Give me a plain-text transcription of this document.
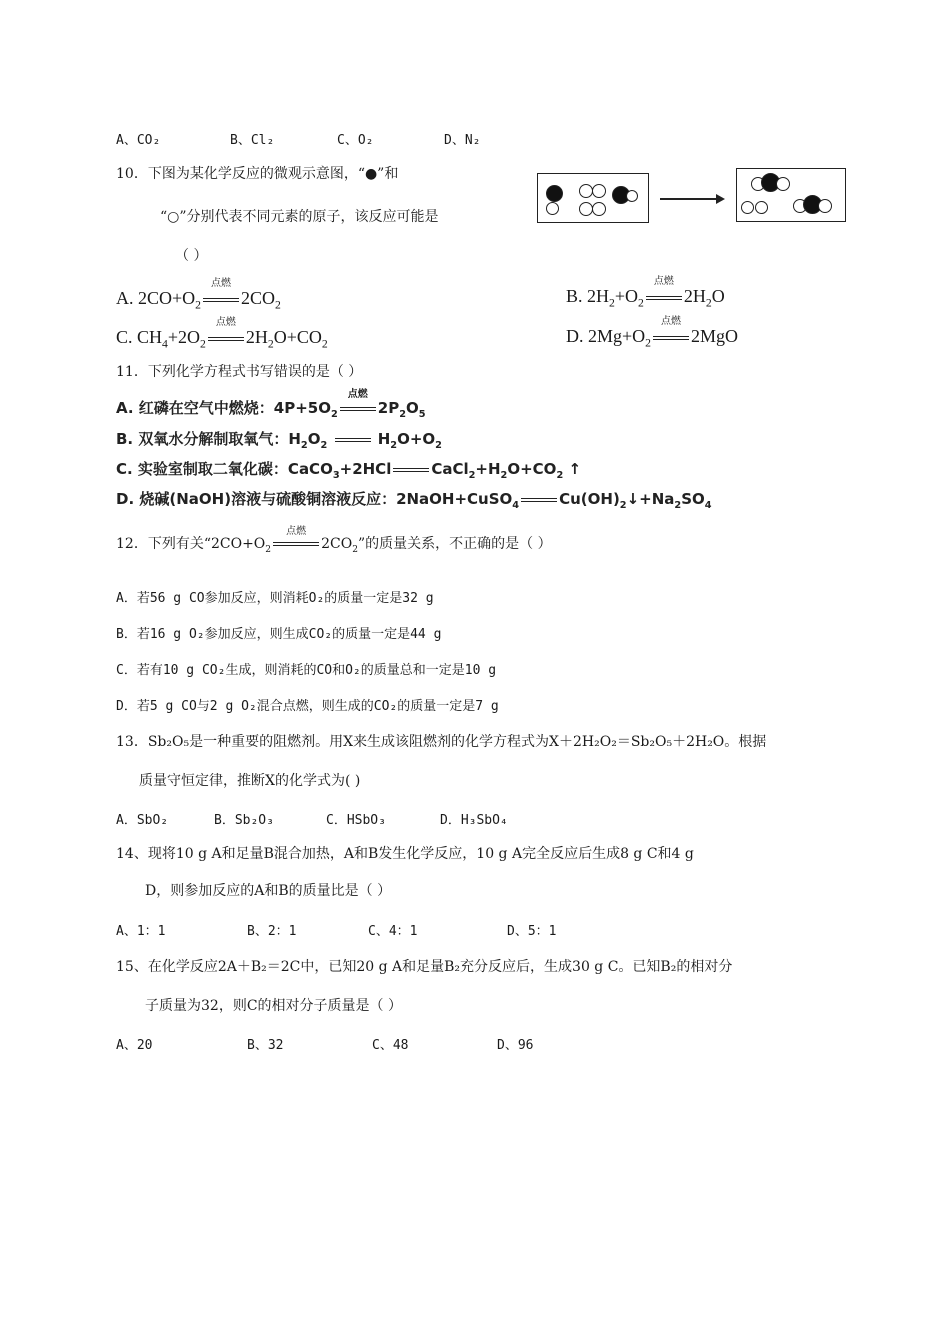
A、CO₂	B、Cl₂	C、O₂	D、N₂
10．下图为某化学反应的微观示意图，“●”和
“○”分别代表不同元素的原子，该反应可能是
（ ）
A. $2CO+O_2$
点燃
$2CO_2$	B. $2H_2+O_2$
点燃
$2H_2O$
C. $CH_4+2O_2$
点燃
$2H_2O+CO_2$	D. $2Mg+O_2$
点燃
2MgO
11．下列化学方程式书写错误的是（ ）
A. 红磷在空气中燃烧：$4P+5O_2$
点燃
$2P_2O_5$
B. 双氧水分解制取氧气：$H_2O_2$	$H_2O+O_2$
C. 实验室制取二氧化碳：CaCO$_3$+2HCl	$CaCl_2+H_2O+CO_2$ ↑
D. 烧碱(NaOH)溶液与硫酸铜溶液反应：2NaOH+CuSO$_4$	$Cu(OH)_2↓+Na_2SO_4$
12．下列有关“$2CO+O_2$
点燃
$2CO_2$”的质量关系，不正确的是（ ）
A．若56 g CO参加反应，则消耗O₂的质量一定是32 g
B．若16 g O₂参加反应，则生成CO₂的质量一定是44 g
C．若有10 g CO₂生成，则消耗的CO和O₂的质量总和一定是10 g
D．若5 g CO与2 g O₂混合点燃，则生成的CO₂的质量一定是7 g
13．Sb₂O₅是一种重要的阻燃剂。用X来生成该阻燃剂的化学方程式为X＋2H₂O₂＝Sb₂O₅＋2H₂O。根据
质量守恒定律，推断X的化学式为( )
A．SbO₂	B．Sb₂O₃	C．HSbO₃	D．H₃SbO₄
14、现将10 g A和足量B混合加热，A和B发生化学反应，10 g A完全反应后生成8 g C和4 g
D，则参加反应的A和B的质量比是（ ）
A、1：1	B、2：1	C、4：1	D、5：1
15、在化学反应2A＋B₂＝2C中，已知20 g A和足量B₂充分反应后，生成30 g C。已知B₂的相对分
子质量为32，则C的相对分子质量是（ ）
A、20	B、32	C、48	D、96
